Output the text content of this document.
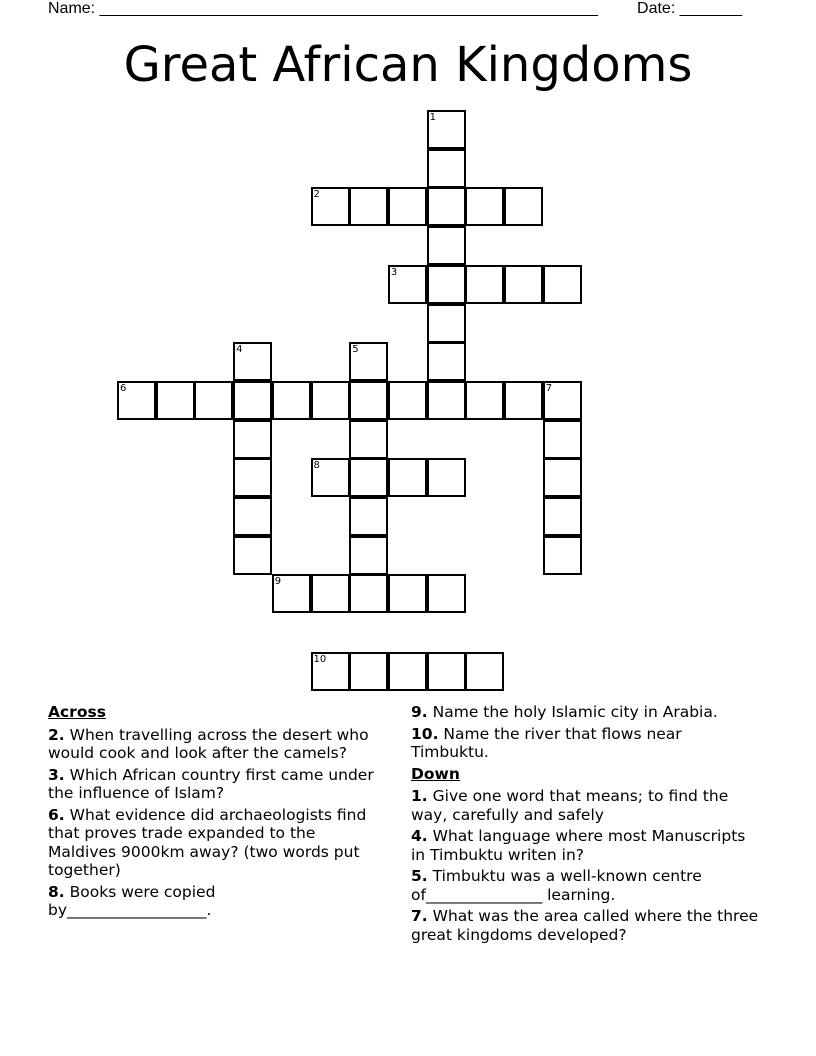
Name: ________________________________________________________ Date: _______
Great African Kingdoms
1
2
3
4	5
6	7
8
9
10
Across
2. When travelling across the desert who would cook and look after the camels?
3. Which African country first came under the influence of Islam?
6. What evidence did archaeologists find that proves trade expanded to the Maldives 9000km away? (two words put together)
8. Books were copied by__________________.
9. Name the holy Islamic city in Arabia.
10. Name the river that flows near Timbuktu.
Down
1. Give one word that means; to find the way, carefully and safely
4. What language where most Manuscripts in Timbuktu writen in?
5. Timbuktu was a well-known centre of_______________ learning.
7. What was the area called where the three great kingdoms developed?
